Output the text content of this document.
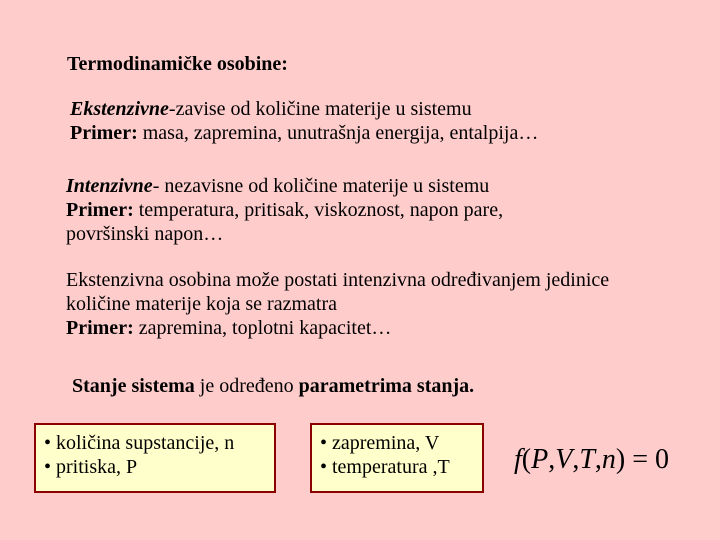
Termodinamičke osobine:
Ekstenzivne-zavise od količine materije u sistemu
Primer: masa, zapremina, unutrašnja energija, entalpija…
Intenzivne- nezavisne od količine materije u sistemu
Primer: temperatura, pritisak, viskoznost, napon pare,
površinski napon…
Ekstenzivna osobina može postati intenzivna određivanjem jedinice
količine materije koja se razmatra
Primer: zapremina, toplotni kapacitet…
Stanje sistema je određeno parametrima stanja.
• količina supstancije, n
• pritiska, P
• zapremina, V
• temperatura ,T	f(P,V,T,n) = 0
